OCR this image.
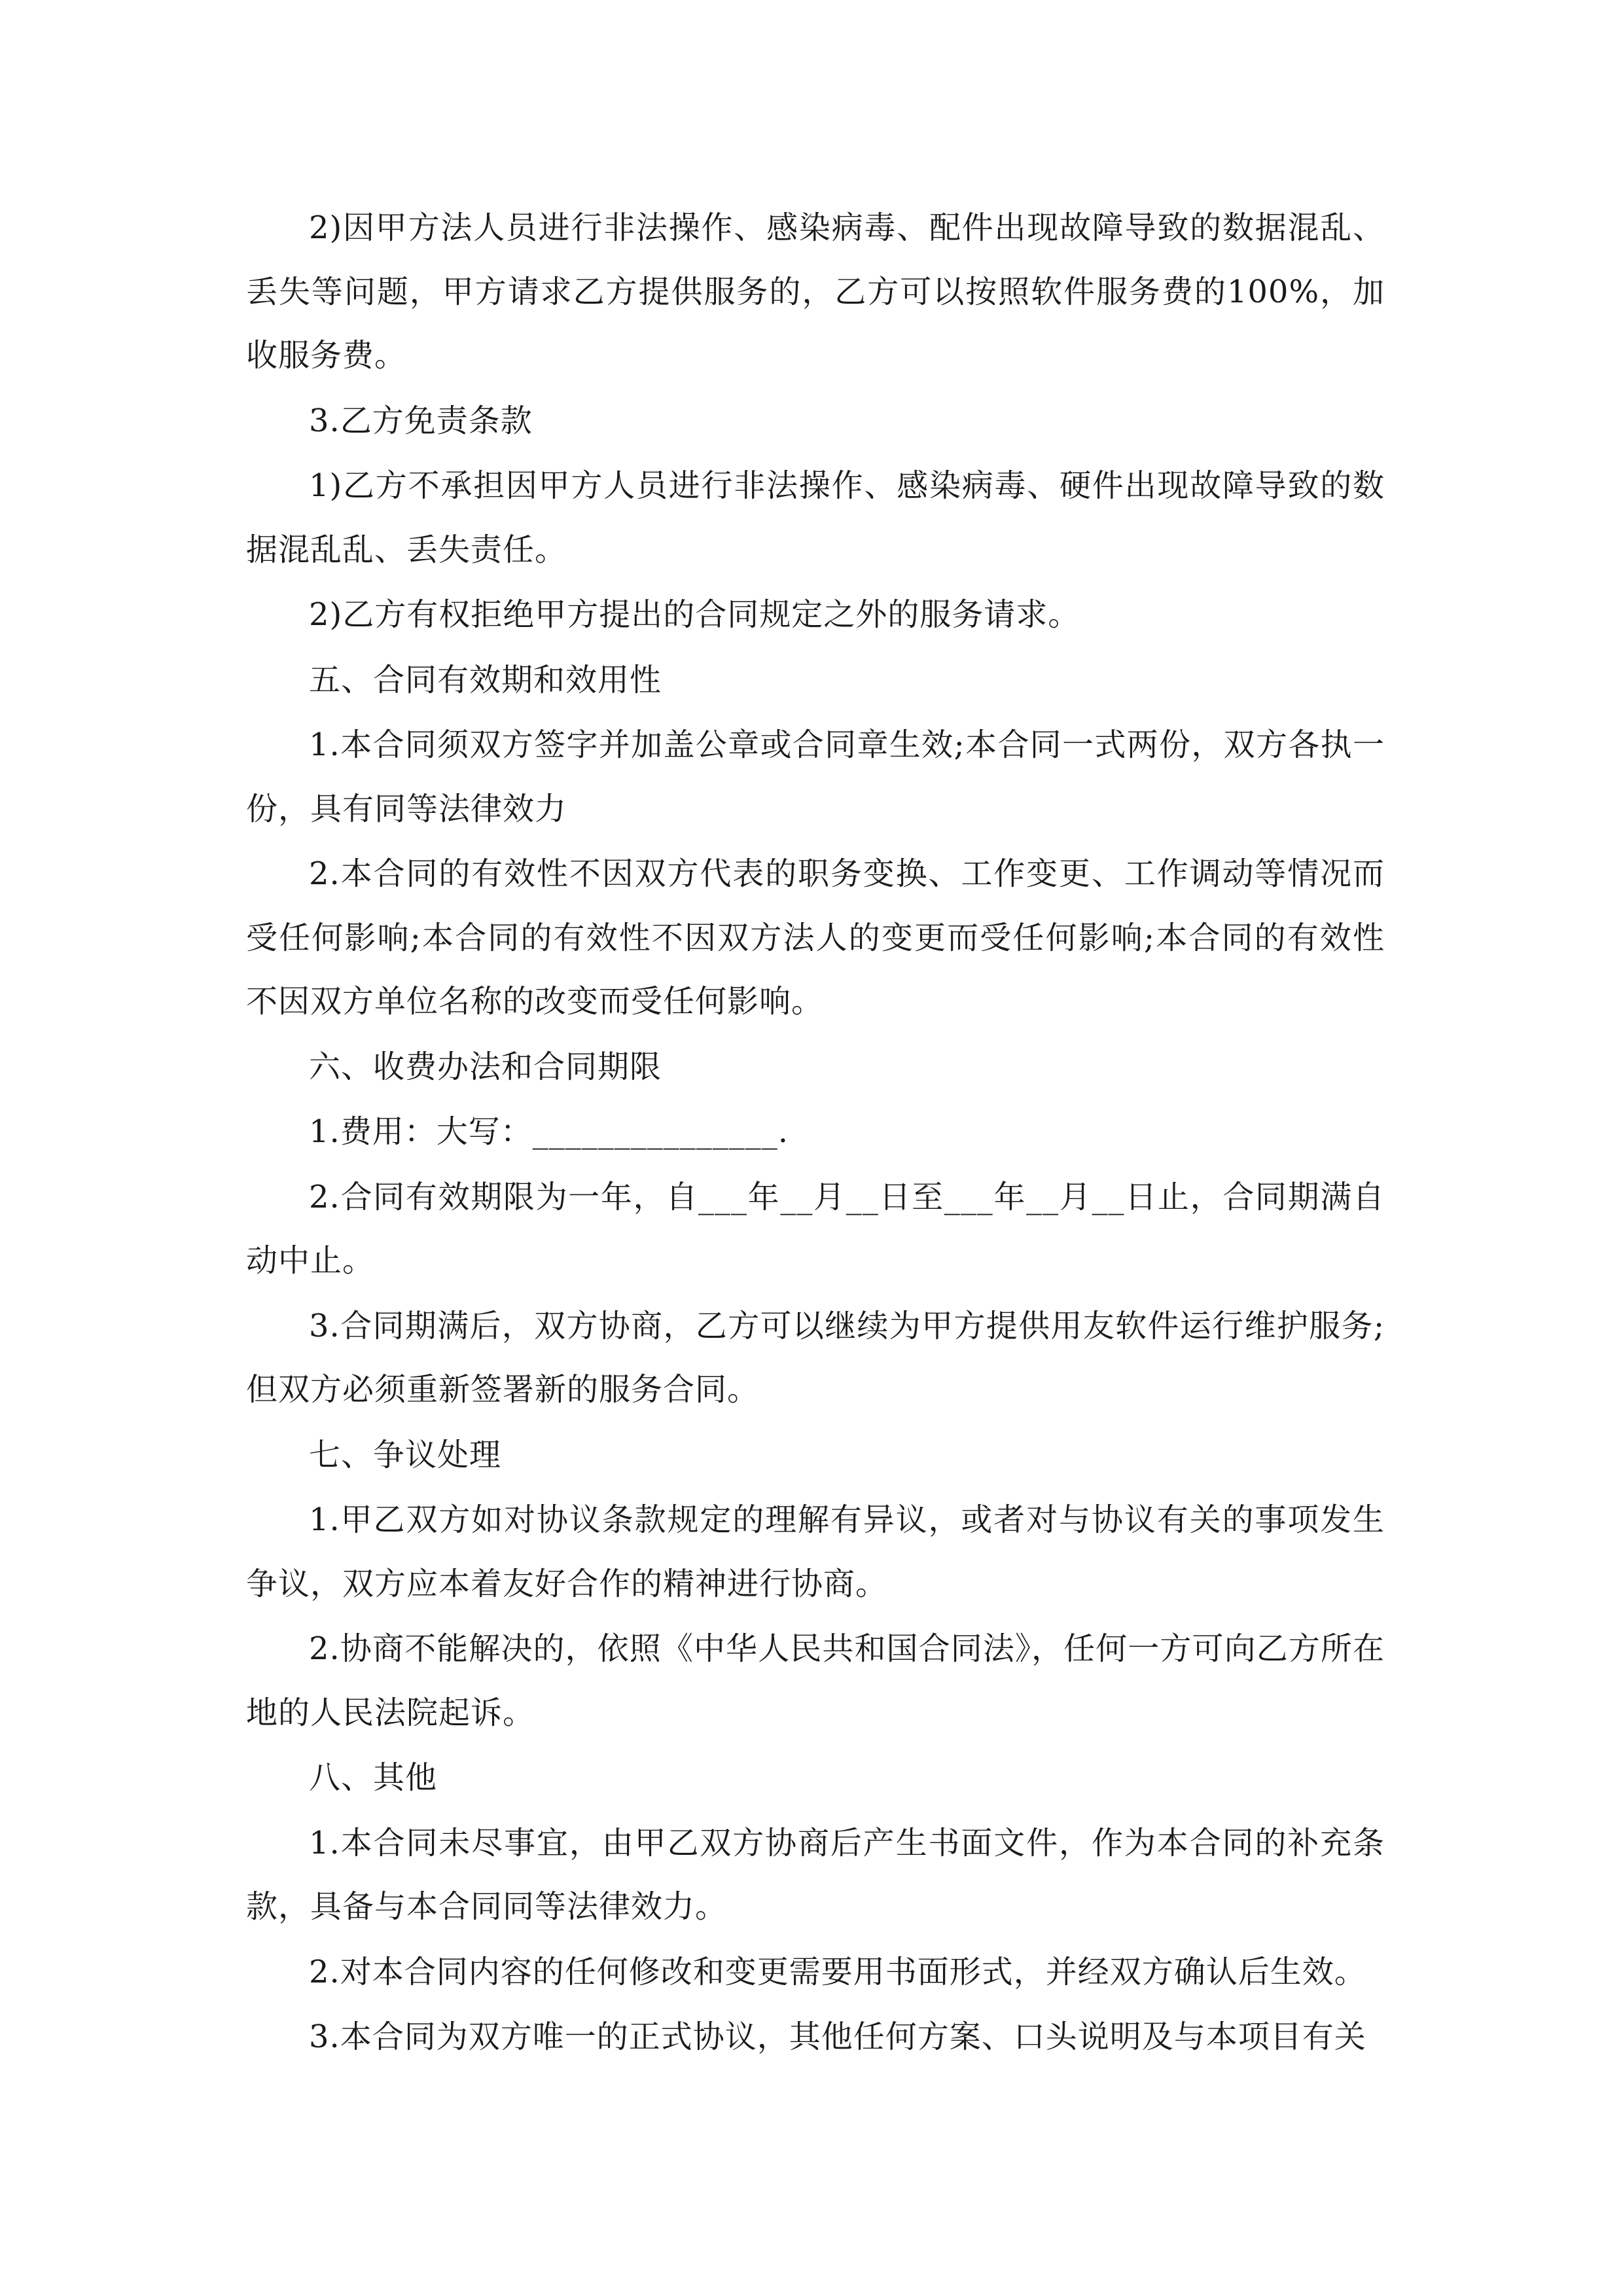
2)因甲方法人员进行非法操作、感染病毒、配件出现故障导致的数据混乱、丢失等问题，甲方请求乙方提供服务的，乙方可以按照软件服务费的100%，加收服务费。

3.乙方免责条款

1)乙方不承担因甲方人员进行非法操作、感染病毒、硬件出现故障导致的数据混乱乱、丢失责任。

2)乙方有权拒绝甲方提出的合同规定之外的服务请求。

五、合同有效期和效用性

1.本合同须双方签字并加盖公章或合同章生效;本合同一式两份，双方各执一份，具有同等法律效力

2.本合同的有效性不因双方代表的职务变换、工作变更、工作调动等情况而受任何影响;本合同的有效性不因双方法人的变更而受任何影响;本合同的有效性不因双方单位名称的改变而受任何影响。

六、收费办法和合同期限

1.费用：大写：_______________.

2.合同有效期限为一年，自___年__月__日至___年__月__日止，合同期满自动中止。

3.合同期满后，双方协商，乙方可以继续为甲方提供用友软件运行维护服务;但双方必须重新签署新的服务合同。

七、争议处理

1.甲乙双方如对协议条款规定的理解有异议，或者对与协议有关的事项发生争议，双方应本着友好合作的精神进行协商。

2.协商不能解决的，依照《中华人民共和国合同法》，任何一方可向乙方所在地的人民法院起诉。

八、其他

1.本合同未尽事宜，由甲乙双方协商后产生书面文件，作为本合同的补充条款，具备与本合同同等法律效力。

2.对本合同内容的任何修改和变更需要用书面形式，并经双方确认后生效。

3.本合同为双方唯一的正式协议，其他任何方案、口头说明及与本项目有关
